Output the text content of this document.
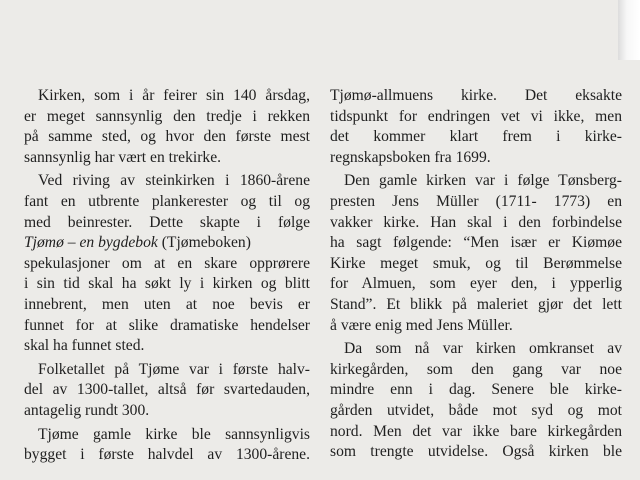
Kirken, som i år feirer sin 140 årsdag,
er meget sannsynlig den tredje i rekken
på samme sted, og hvor den første mest
sannsynlig har vært en trekirke.
Ved riving av steinkirken i 1860-årene
fant en utbrente plankerester og til og
med beinrester. Dette skapte i følge
Tjømø – en bygdebok (Tjømeboken)
spekulasjoner om at en skare opprørere
i sin tid skal ha søkt ly i kirken og blitt
innebrent, men uten at noe bevis er
funnet for at slike dramatiske hendelser
skal ha funnet sted.
Folketallet på Tjøme var i første halv-
del av 1300-tallet, altså før svartedauden,
antagelig rundt 300.
Tjøme gamle kirke ble sannsynligvis
bygget i første halvdel av 1300-årene.
Tjømø-allmuens kirke. Det eksakte
tidspunkt for endringen vet vi ikke, men
det kommer klart frem i kirke-
regnskapsboken fra 1699.
Den gamle kirken var i følge Tønsberg-
presten Jens Müller (1711- 1773) en
vakker kirke. Han skal i den forbindelse
ha sagt følgende: “Men især er Kiømøe
Kirke meget smuk, og til Berømmelse
for Almuen, som eyer den, i ypperlig
Stand”. Et blikk på maleriet gjør det lett
å være enig med Jens Müller.
Da som nå var kirken omkranset av
kirkegården, som den gang var noe
mindre enn i dag. Senere ble kirke-
gården utvidet, både mot syd og mot
nord. Men det var ikke bare kirkegården
som trengte utvidelse. Også kirken ble
